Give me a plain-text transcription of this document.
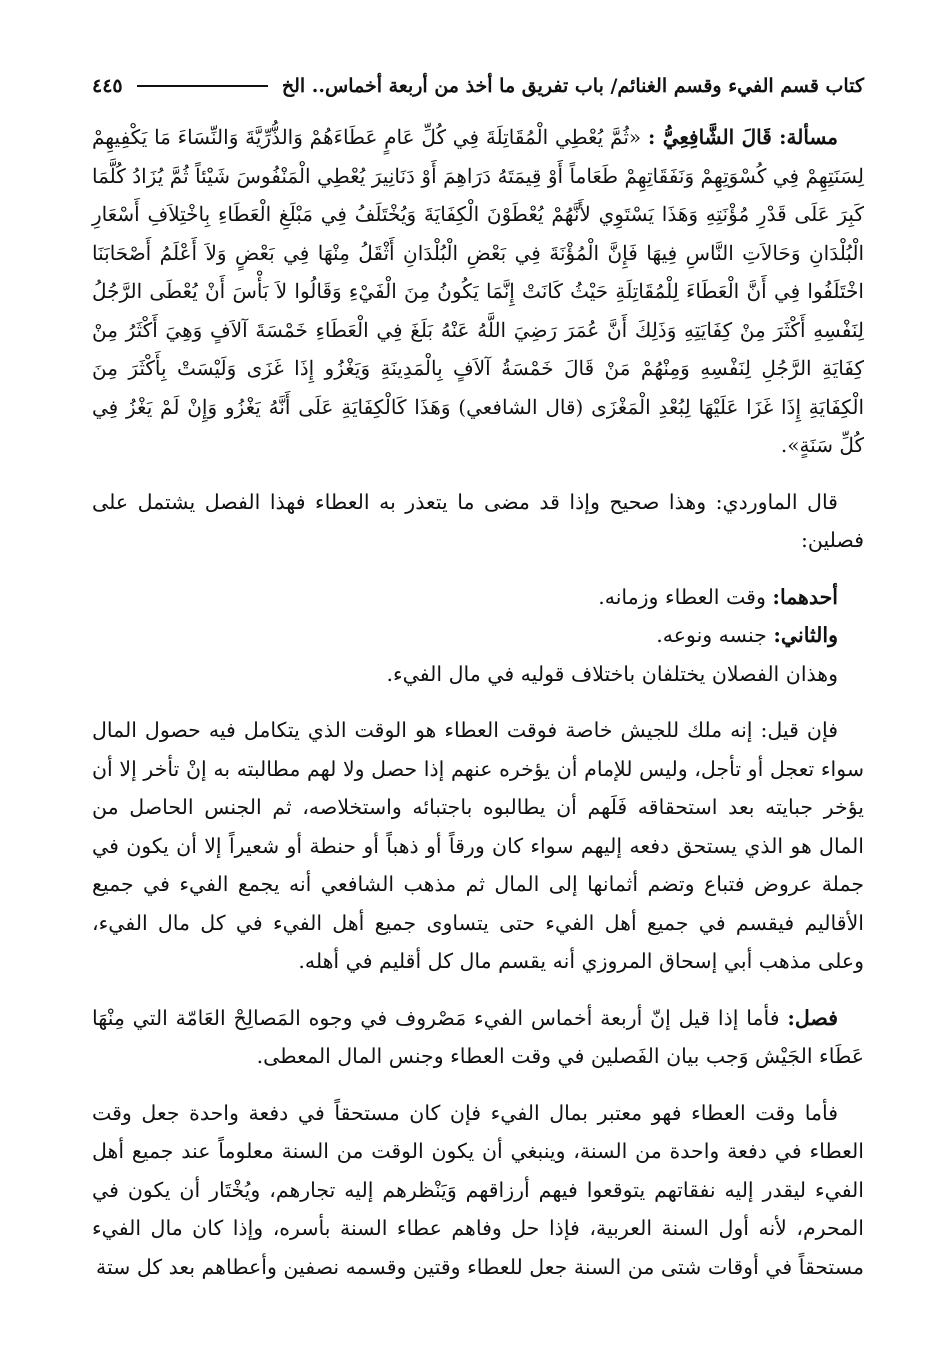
كتاب قسم الفيء وقسم الغنائم/ باب تفريق ما أخذ من أربعة أخماس.. الخ
٤٤٥

مسألة: قَالَ الشَّافِعِيُّ : «ثُمَّ يُعْطِي الْمُقَاتِلَةَ فِي كُلِّ عَامٍ عَطَاءَهُمْ وَالذُّرِّيَّةَ وَالنِّسَاءَ مَا يَكْفِيهِمْ لِسَنَتِهِمْ فِي كُسْوَتِهِمْ وَنَفَقَاتِهِمْ طَعَاماً أَوْ قِيمَتَهُ دَرَاهِمَ أَوْ دَنَانِيرَ يُعْطِي الْمَنْفُوسَ شَيْئاً ثُمَّ يُزَادُ كُلَّمَا كَبِرَ عَلَى قَدْرِ مُؤْنَتِهِ وَهَذَا يَسْتَوِي لأَنَّهُمْ يُعْطَوْنَ الْكِفَايَةَ وَيُخْتَلَفُ فِي مَبْلَغِ الْعَطَاءِ بِاخْتِلاَفِ أَسْعَارِ الْبُلْدَانِ وَحَالاَتِ النَّاسِ فِيهَا فَإِنَّ الْمُؤْنَةَ فِي بَعْضِ الْبُلْدَانِ أَثْقَلُ مِنْهَا فِي بَعْضٍ وَلاَ أَعْلَمُ أَصْحَابَنَا اخْتَلَفُوا فِي أَنَّ الْعَطَاءَ لِلْمُقَاتِلَةِ حَيْثُ كَانَتْ إِنَّمَا يَكُونُ مِنَ الْفَيْءِ وَقَالُوا لاَ بَأْسَ أَنْ يُعْطَى الرَّجُلُ لِنَفْسِهِ أَكْثَرَ مِنْ كِفَايَتِهِ وَذَلِكَ أَنَّ عُمَرَ رَضِيَ اللَّهُ عَنْهُ بَلَغَ فِي الْعَطَاءِ خَمْسَةَ آلاَفٍ وَهِيَ أَكْثَرُ مِنْ كِفَايَةِ الرَّجُلِ لِنَفْسِهِ وَمِنْهُمْ مَنْ قَالَ خَمْسَةُ آلاَفٍ بِالْمَدِينَةِ وَيَغْزُو إِذَا غَزَى وَلَيْسَتْ بِأَكْثَرَ مِنَ الْكِفَايَةِ إِذَا غَزَا عَلَيْهَا لِبُعْدِ الْمَغْزَى (قال الشافعي) وَهَذَا كَالْكِفَايَةِ عَلَى أَنَّهُ يَغْزُو وَإِنْ لَمْ يَغْزُ فِي كُلِّ سَنَةٍ».

قال الماوردي: وهذا صحيح وإذا قد مضى ما يتعذر به العطاء فهذا الفصل يشتمل على فصلين:

أحدهما: وقت العطاء وزمانه.

والثاني: جنسه ونوعه.

وهذان الفصلان يختلفان باختلاف قوليه في مال الفيء.

فإن قيل: إنه ملك للجيش خاصة فوقت العطاء هو الوقت الذي يتكامل فيه حصول المال سواء تعجل أو تأجل، وليس للإمام أن يؤخره عنهم إذا حصل ولا لهم مطالبته به إنْ تأخر إلا أن يؤخر جبايته بعد استحقاقه فَلَهم أن يطالبوه باجتبائه واستخلاصه، ثم الجنس الحاصل من المال هو الذي يستحق دفعه إليهم سواء كان ورقاً أو ذهباً أو حنطة أو شعيراً إلا أن يكون في جملة عروض فتباع وتضم أثمانها إلى المال ثم مذهب الشافعي أنه يجمع الفيء في جميع الأقاليم فيقسم في جميع أهل الفيء حتى يتساوى جميع أهل الفيء في كل مال الفيء، وعلى مذهب أبي إسحاق المروزي أنه يقسم مال كل أقليم في أهله.

فصل: فأما إذا قيل إنّ أربعة أخماس الفيء مَصْروف في وجوه المَصالِحْ العَامّة التي مِنْهَا عَطَاء الجَيْش وَجب بيان الفَصلين في وقت العطاء وجنس المال المعطى.

فأما وقت العطاء فهو معتبر بمال الفيء فإن كان مستحقاً في دفعة واحدة جعل وقت العطاء في دفعة واحدة من السنة، وينبغي أن يكون الوقت من السنة معلوماً عند جميع أهل الفيء ليقدر إليه نفقاتهم يتوقعوا فيهم أرزاقهم وَيَنْظرهم إليه تجارهم، ويُخْتَار أن يكون في المحرم، لأنه أول السنة العربية، فإذا حل وفاهم عطاء السنة بأسره، وإذا كان مال الفيء مستحقاً في أوقات شتى من السنة جعل للعطاء وقتين وقسمه نصفين وأعطاهم بعد كل ستة
